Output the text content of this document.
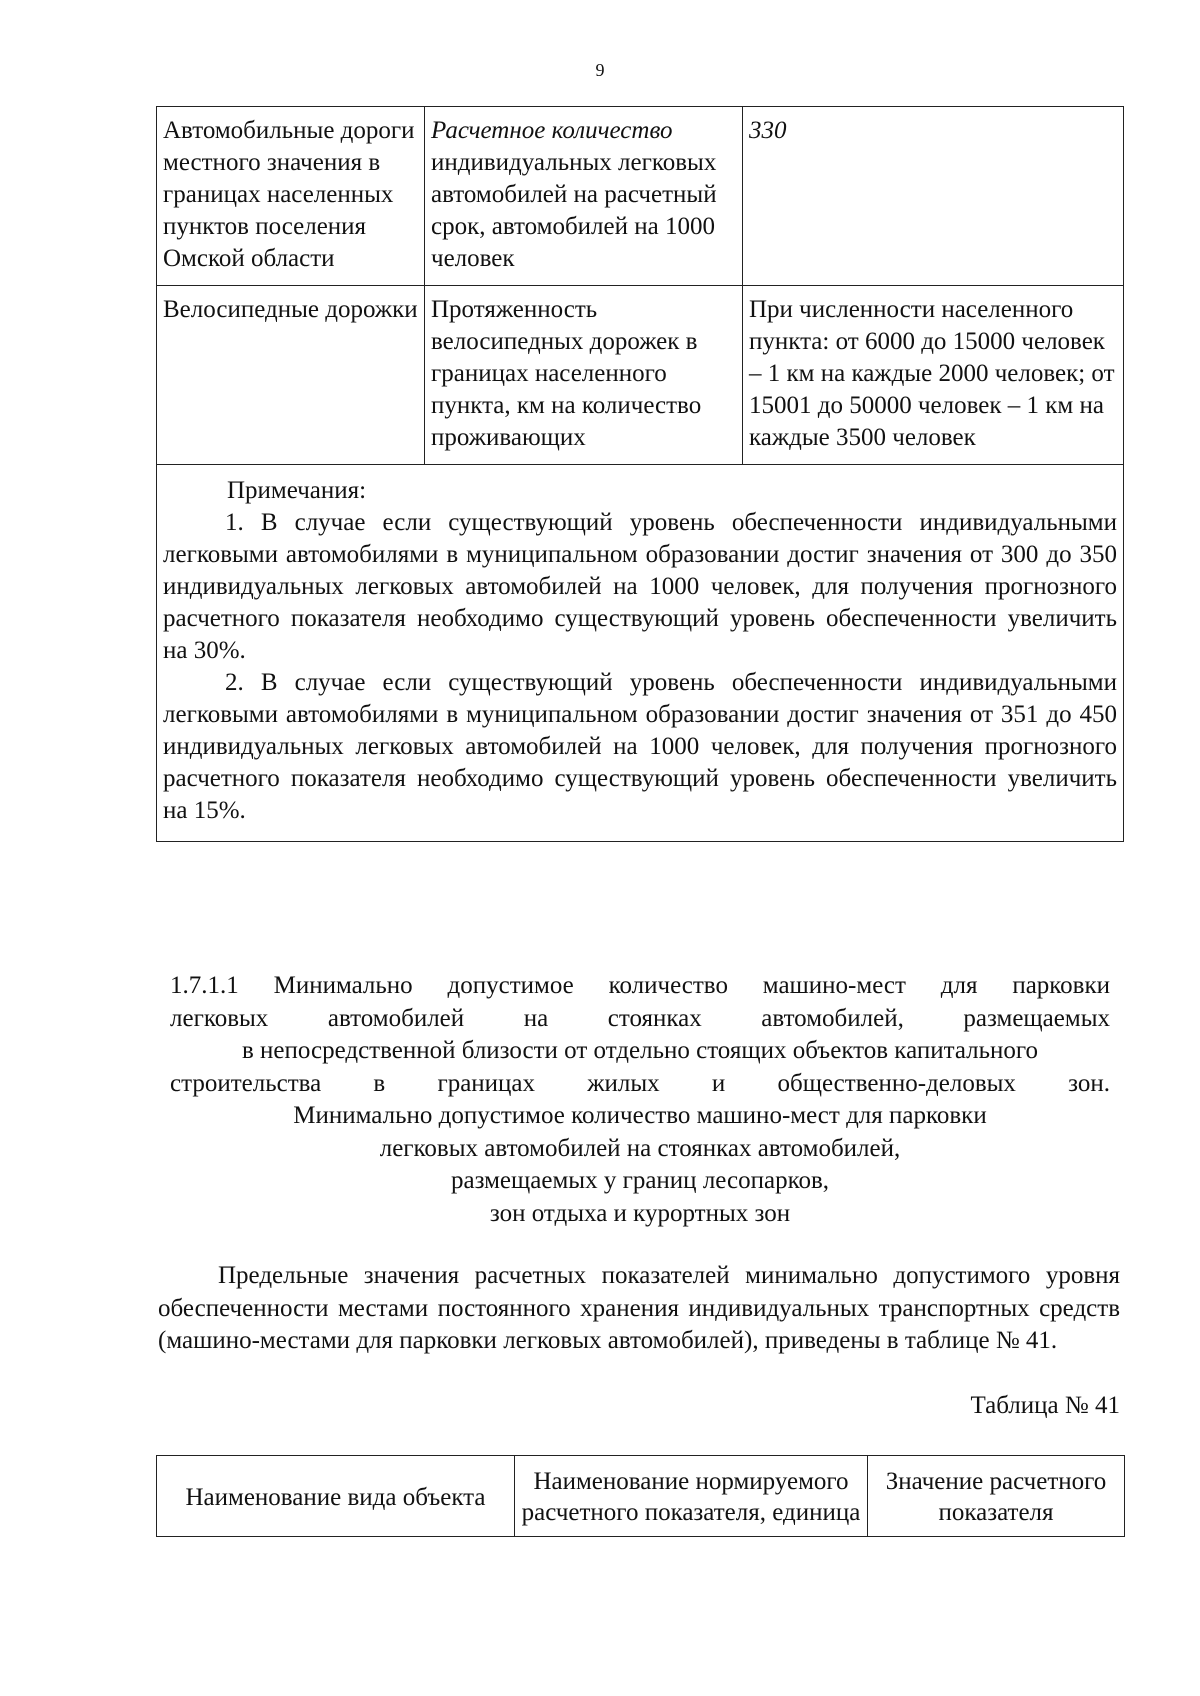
9
Автомобильные дороги местного значения в границах населенных пунктов поселения Омской области	Расчетное количество индивидуальных легковых автомобилей на расчетный срок, автомобилей на 1000 человек	330
Велосипедные дорожки	Протяженность велосипедных дорожек в границах населенного пункта, км на количество проживающих	При численности населенного пункта: от 6000 до 15000 человек – 1 км на каждые 2000 человек; от 15001 до 50000 человек – 1 км на каждые 3500 человек

Примечания:
1. В случае если существующий уровень обеспеченности индивидуальными легковыми автомобилями в муниципальном образовании достиг значения от 300 до 350 индивидуальных легковых автомобилей на 1000 человек, для получения прогнозного расчетного показателя необходимо существующий уровень обеспеченности увеличить на 30%.
2. В случае если существующий уровень обеспеченности индивидуальными легковыми автомобилями в муниципальном образовании достиг значения от 351 до 450 индивидуальных легковых автомобилей на 1000 человек, для получения прогнозного расчетного показателя необходимо существующий уровень обеспеченности увеличить на 15%.		
1.7.1.1 Минимально допустимое количество машино-мест для парковки
легковых автомобилей на стоянках автомобилей, размещаемых
в непосредственной близости от отдельно стоящих объектов капитального
строительства в границах жилых и общественно-деловых зон.
Минимально допустимое количество машино-мест для парковки
легковых автомобилей на стоянках автомобилей,
размещаемых у границ лесопарков,
зон отдыха и курортных зон
Предельные значения расчетных показателей минимально допустимого уровня обеспеченности местами постоянного хранения индивидуальных транспортных средств (машино-местами для парковки легковых автомобилей), приведены в таблице № 41.
Таблица № 41
Наименование вида объекта	Наименование нормируемого расчетного показателя, единица	Значение расчетного показателя
